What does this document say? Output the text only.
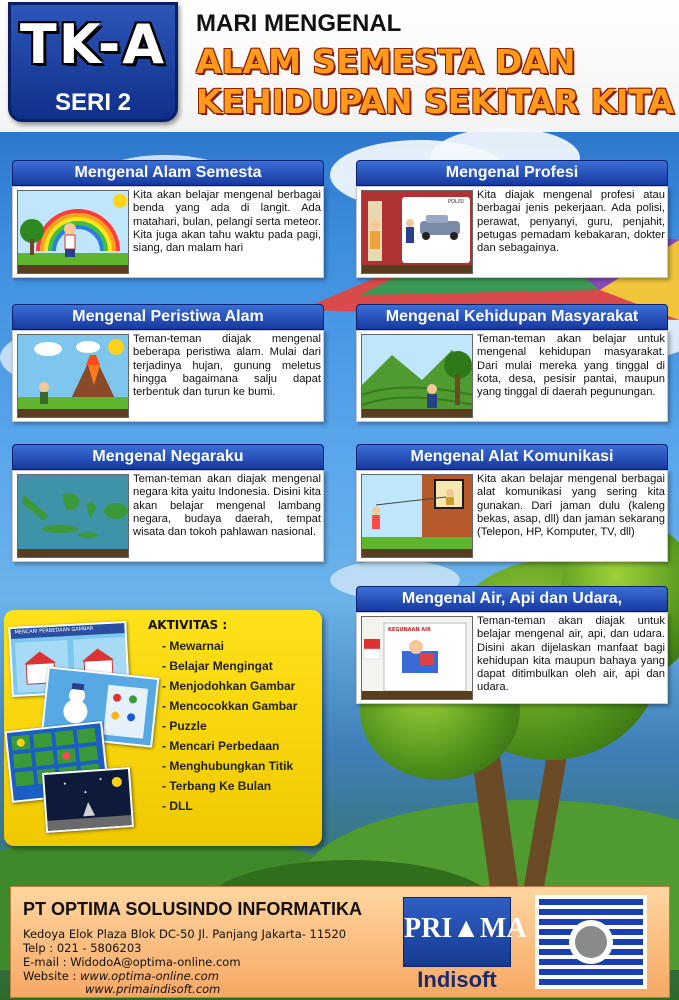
TK-A
SERI 2
MARI MENGENAL
ALAM SEMESTA DAN
KEHIDUPAN SEKITAR KITA
Mengenal Alam Semesta
Kita akan belajar mengenal berbagai benda yang ada di langit. Ada matahari, bulan, pelangi serta meteor. Kita juga akan tahu waktu pada pagi, siang, dan malam hari
Mengenal Profesi
POLISI
Kita diajak mengenal profesi atau berbagai jenis pekerjaan. Ada polisi, perawat, penyanyi, guru, penjahit, petugas pemadam kebakaran, dokter dan sebagainya.
Mengenal Peristiwa Alam
Teman-teman diajak mengenal beberapa peristiwa alam. Mulai dari terjadinya hujan, gunung meletus hingga bagaimana salju dapat terbentuk dan turun ke bumi.
Mengenal Kehidupan Masyarakat
Teman-teman akan belajar untuk mengenal kehidupan masyarakat. Dari mulai mereka yang tinggal di kota, desa, pesisir pantai, maupun yang tinggal di daerah pegunungan.
Mengenal Negaraku
Teman-teman akan diajak mengenal negara kita yaitu Indonesia. Disini kita akan belajar mengenal lambang negara, budaya daerah, tempat wisata dan tokoh pahlawan nasional.
Mengenal Alat Komunikasi
Kita akan belajar mengenal berbagai alat komunikasi yang sering kita gunakan. Dari jaman dulu (kaleng bekas, asap, dll) dan jaman sekarang (Telepon, HP, Komputer, TV, dll)
Mengenal Air, Api dan Udara,
KEGUNAAN AIR
Teman-teman akan diajak untuk belajar mengenal air, api, dan udara. Disini akan dijelaskan manfaat bagi kehidupan kita maupun bahaya yang dapat ditimbulkan oleh air, api dan udara.
MENCARI PERBEDAAN GAMBAR	AKTIVITAS :
- Mewarnai
- Belajar Mengingat
- Menjodohkan Gambar
- Mencocokkan Gambar
- Puzzle
- Mencari Perbedaan
- Menghubungkan Titik
- Terbang Ke Bulan
- DLL
PT OPTIMA SOLUSINDO INFORMATIKA
Kedoya Elok Plaza Blok DC-50 Jl. Panjang Jakarta- 11520
Telp : 021 - 5806203
E-mail : WidodoA@optima-online.com
Website : www.optima-online.com
www.primaindisoft.com
PRI▲MA
Indisoft
